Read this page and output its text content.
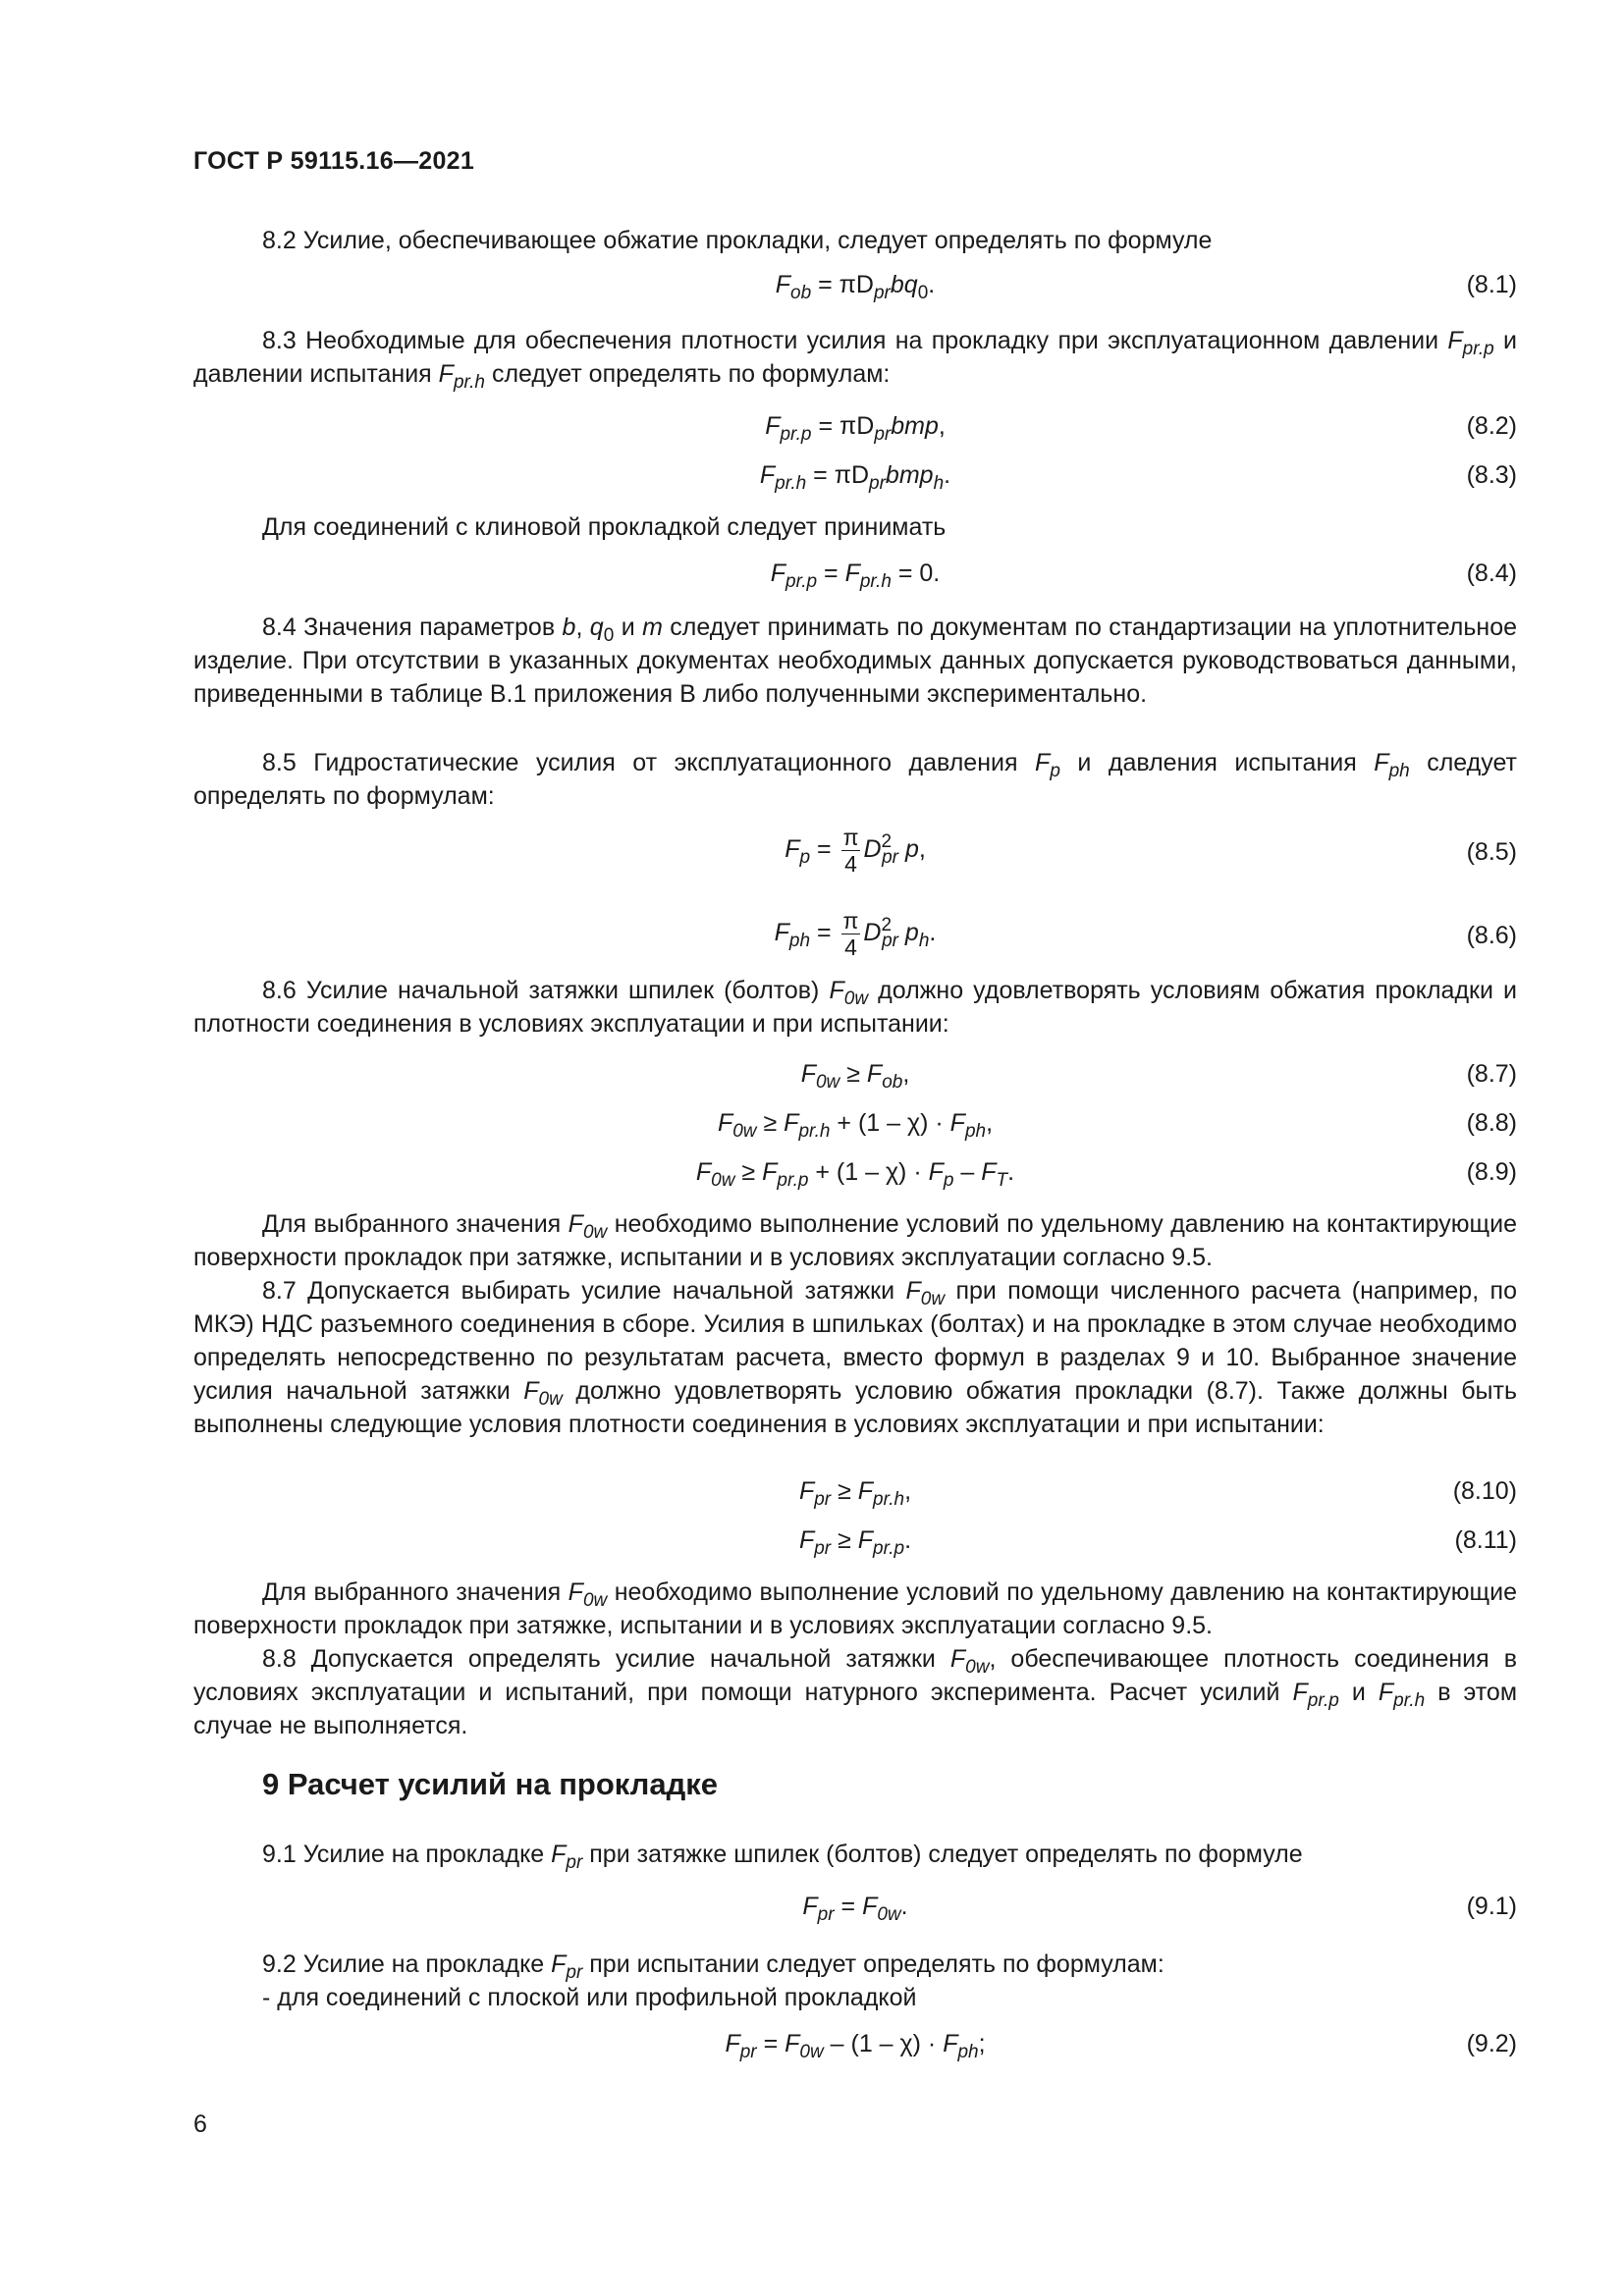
ГОСТ Р 59115.16—2021

8.2 Усилие, обеспечивающее обжатие прокладки, следует определять по формуле

$F_{ob} = \pi D_{pr}bq_0$.	(8.1)

8.3 Необходимые для обеспечения плотности усилия на прокладку при эксплуатационном давлении $F_{pr.p}$ и давлении испытания $F_{pr.h}$ следует определять по формулам:

$F_{pr.p} = \pi D_{pr}bmp$,	(8.2)
$F_{pr.h} = \pi D_{pr}bmp_h$.	(8.3)

Для соединений с клиновой прокладкой следует принимать

$F_{pr.p} = F_{pr.h} = 0$.	(8.4)

8.4 Значения параметров b, $q_0$ и m следует принимать по документам по стандартизации на уплотнительное изделие. При отсутствии в указанных документах необходимых данных допускается руководствоваться данными, приведенными в таблице В.1 приложения В либо полученными экспериментально.

8.5 Гидростатические усилия от эксплуатационного давления $F_p$ и давления испытания $F_{ph}$ следует определять по формулам:

$F_p = \frac{\pi}{4} D^2_{pr}$ p,	(8.5)
$F_{ph} = \frac{\pi}{4} D^2_{pr}$ $p_h$.	(8.6)

8.6 Усилие начальной затяжки шпилек (болтов) $F_{0w}$ должно удовлетворять условиям обжатия прокладки и плотности соединения в условиях эксплуатации и при испытании:

$F_{0w} \ge F_{ob}$,	(8.7)
$F_{0w} \ge F_{pr.h} + (1 - \chi) \cdot F_{ph}$,	(8.8)
$F_{0w} \ge F_{pr.p} + (1 - \chi) \cdot F_p - F_T$.	(8.9)

Для выбранного значения $F_{0w}$ необходимо выполнение условий по удельному давлению на контактирующие поверхности прокладок при затяжке, испытании и в условиях эксплуатации согласно 9.5.

8.7 Допускается выбирать усилие начальной затяжки $F_{0w}$ при помощи численного расчета (например, по МКЭ) НДС разъемного соединения в сборе. Усилия в шпильках (болтах) и на прокладке в этом случае необходимо определять непосредственно по результатам расчета, вместо формул в разделах 9 и 10. Выбранное значение усилия начальной затяжки $F_{0w}$ должно удовлетворять условию обжатия прокладки (8.7). Также должны быть выполнены следующие условия плотности соединения в условиях эксплуатации и при испытании:

$F_{pr} \ge F_{pr.h}$,	(8.10)
$F_{pr} \ge F_{pr.p}$.	(8.11)

Для выбранного значения $F_{0w}$ необходимо выполнение условий по удельному давлению на контактирующие поверхности прокладок при затяжке, испытании и в условиях эксплуатации согласно 9.5.

8.8 Допускается определять усилие начальной затяжки $F_{0w}$, обеспечивающее плотность соединения в условиях эксплуатации и испытаний, при помощи натурного эксперимента. Расчет усилий $F_{pr.p}$ и $F_{pr.h}$ в этом случае не выполняется.

9 Расчет усилий на прокладке

9.1 Усилие на прокладке $F_{pr}$ при затяжке шпилек (болтов) следует определять по формуле

$F_{pr} = F_{0w}$.	(9.1)

9.2 Усилие на прокладке $F_{pr}$ при испытании следует определять по формулам:

- для соединений с плоской или профильной прокладкой

$F_{pr} = F_{0w} - (1 - \chi) \cdot F_{ph}$;	(9.2)
6
